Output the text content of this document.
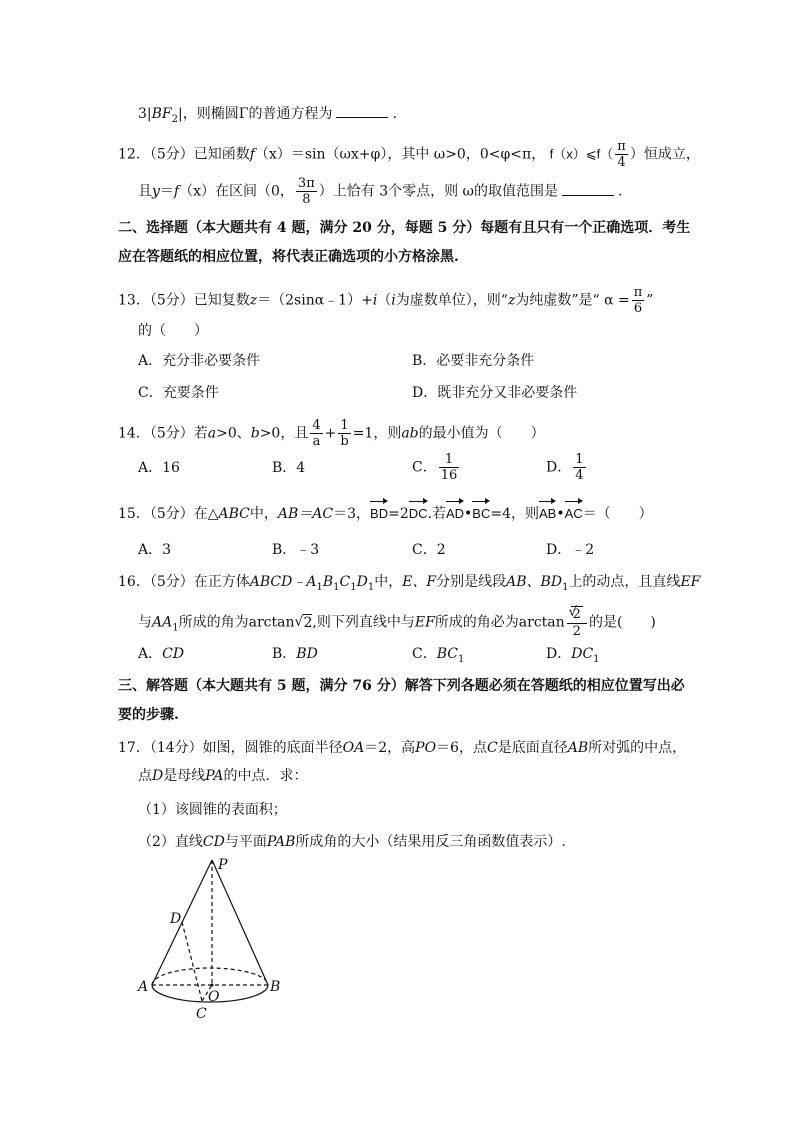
$3|BF_2|$，则椭圆Γ的普通方程为	.
12．（5分）已知函数f（x）＝sin（ωx+φ），其中 ω>0，0<φ<π， f（x）⩽f（ $\frac{\pi}{4}$ ）恒成立，
且y＝f（x）在区间（0， $\frac{3\pi}{8}$ ）上恰有 3个零点，则 ω的取值范围是	.
二、选择题（本大题共有 4 题，满分 20 分，每题 5 分）每题有且只有一个正确选项．考生
应在答题纸的相应位置，将代表正确选项的小方格涂黑.
13．（5分）已知复数z＝（2sinα﹣1）+i（i为虚数单位），则“z为纯虚数”是“ $\alpha = \frac{\pi}{6}$ ”
的（　　）
A．充分非必要条件	B．必要非充分条件
C．充要条件	D．既非充分又非必要条件
14．（5分）若a>0、b>0，且 $\frac{4}{a} + \frac{1}{b} =1$，则ab的最小值为（　　）
A．16	B．4	C． $\frac{1}{16}$	D． $\frac{1}{4}$
15．（5分）在△ABC中，AB＝AC＝3，BD=2DC.若AD•BC=4，则AB•AC＝（　　）
A．3	B．﹣3	C．2	D．﹣2
16．（5分）在正方体$ABCD﹣A_1B_1C_1D_1$中，E、F分别是线段AB、$BD_1$上的动点，且直线EF
与$AA_1$所成的角为arctan √ 2,则下列直线中与EF所成的角必为arctan √ $\frac{2}{2}$ 的是(　　)
A．CD	B．BD	C．$BC_1$	D．$DC_1$
三、解答题（本大题共有 5 题，满分 76 分）解答下列各题必须在答题纸的相应位置写出必
要的步骤.
17．（14分）如图，圆锥的底面半径OA＝2，高PO＝6，点C是底面直径AB所对弧的中点，
点D是母线PA的中点．求：
（1）该圆锥的表面积；
（2）直线CD与平面PAB所成角的大小（结果用反三角函数值表示）.
P
D
A
O
B
C
